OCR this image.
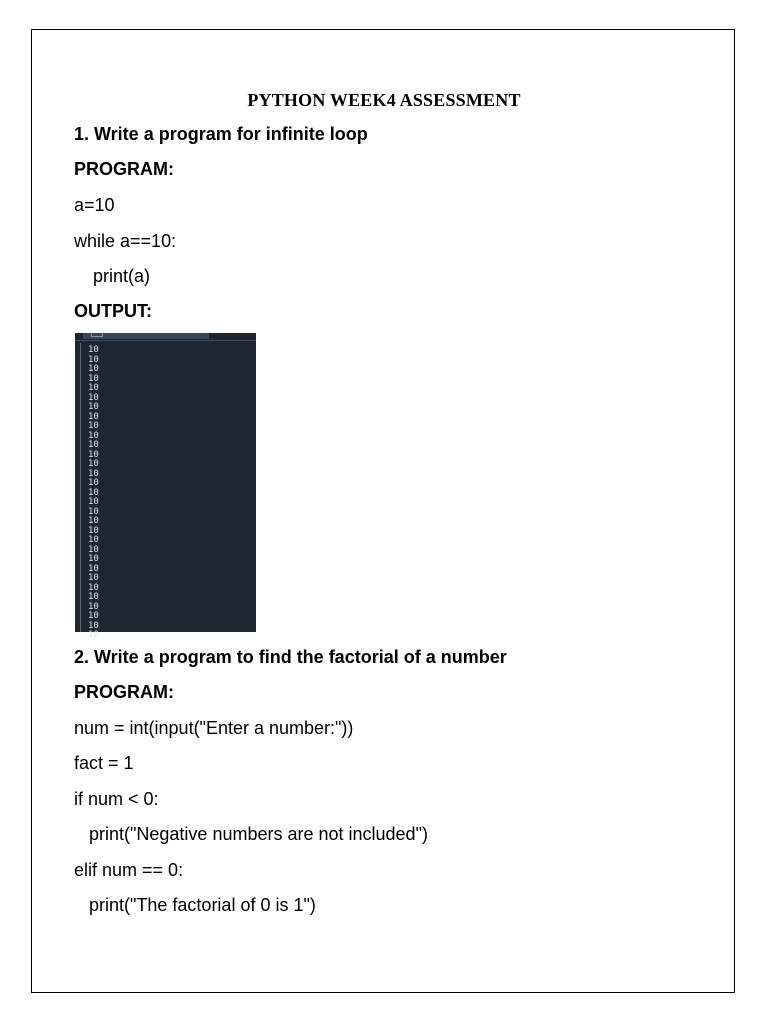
PYTHON WEEK4 ASSESSMENT
1. Write a program for infinite loop
PROGRAM:
a=10
while a==10:
print(a)
OUTPUT:
10
10
10
10
10
10
10
10
10
10
10
10
10
10
10
10
10
10
10
10
10
10
10
10
10
10
10
10
10
10
10
2. Write a program to find the factorial of a number
PROGRAM:
num = int(input("Enter a number:"))
fact = 1
if num < 0:
print("Negative numbers are not included")
elif num == 0:
print("The factorial of 0 is 1")
